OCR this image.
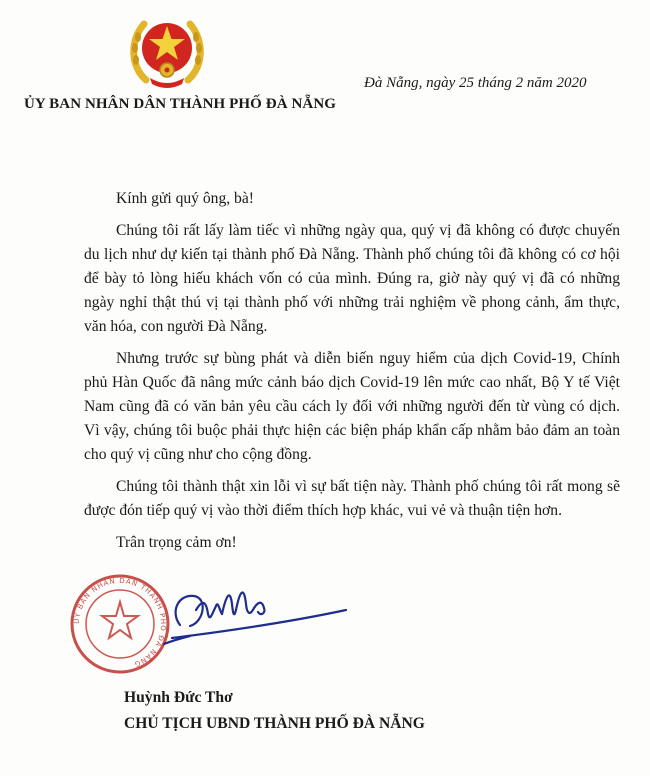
ỦY BAN NHÂN DÂN THÀNH PHỐ ĐÀ NẴNG
Đà Nẵng, ngày 25 tháng 2 năm 2020

Kính gửi quý ông, bà!

Chúng tôi rất lấy làm tiếc vì những ngày qua, quý vị đã không có được chuyến du lịch như dự kiến tại thành phố Đà Nẵng. Thành phố chúng tôi đã không có cơ hội để bày tỏ lòng hiếu khách vốn có của mình. Đúng ra, giờ này quý vị đã có những ngày nghỉ thật thú vị tại thành phố với những trải nghiệm về phong cảnh, ẩm thực, văn hóa, con người Đà Nẵng.

Nhưng trước sự bùng phát và diễn biến nguy hiểm của dịch Covid-19, Chính phủ Hàn Quốc đã nâng mức cảnh báo dịch Covid-19 lên mức cao nhất, Bộ Y tế Việt Nam cũng đã có văn bản yêu cầu cách ly đối với những người đến từ vùng có dịch. Vì vậy, chúng tôi buộc phải thực hiện các biện pháp khẩn cấp nhằm bảo đảm an toàn cho quý vị cũng như cho cộng đồng.

Chúng tôi thành thật xin lỗi vì sự bất tiện này. Thành phố chúng tôi rất mong sẽ được đón tiếp quý vị vào thời điểm thích hợp khác, vui vẻ và thuận tiện hơn.

Trân trọng cảm ơn!

ỦY BAN NHÂN DÂN THÀNH PHỐ ĐÀ NẴNG
Huỳnh Đức Thơ
CHỦ TỊCH UBND THÀNH PHỐ ĐÀ NẴNG
